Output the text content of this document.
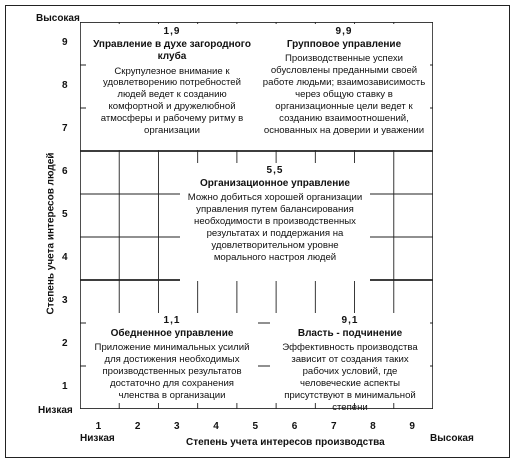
Высокая
Низкая
Степень учета интересов людей
1
2
3
4
5
6
7
8
9
1	2	3	4	5	6	7	8	9
Низкая	Высокая
Степень учета интересов производства
1,9
Управление в духе загородного клуба
Скрупулезное внимание к удовлетворению потребностей людей ведет к созданию комфортной и дружелюбной атмосферы и рабочему ритму в организации
9,9
Групповое управление
Производственные успехи обусловлены преданными своей работе людьми; взаимозависимость через общую ставку в организационные цели ведет к созданию взаимоотношений, основанных на доверии и уважении
5,5
Организационное управление
Можно добиться хорошей организации управления путем балансирования необходимости в производственных результатах и поддержания на удовлетворительном уровне морального настроя людей
1,1
Обедненное управление
Приложение минимальных усилий для достижения необходимых производственных результатов достаточно для сохранения членства в организации
9,1
Власть - подчинение
Эффективность производства зависит от создания таких рабочих условий, где человеческие аспекты присутствуют в минимальной степени
